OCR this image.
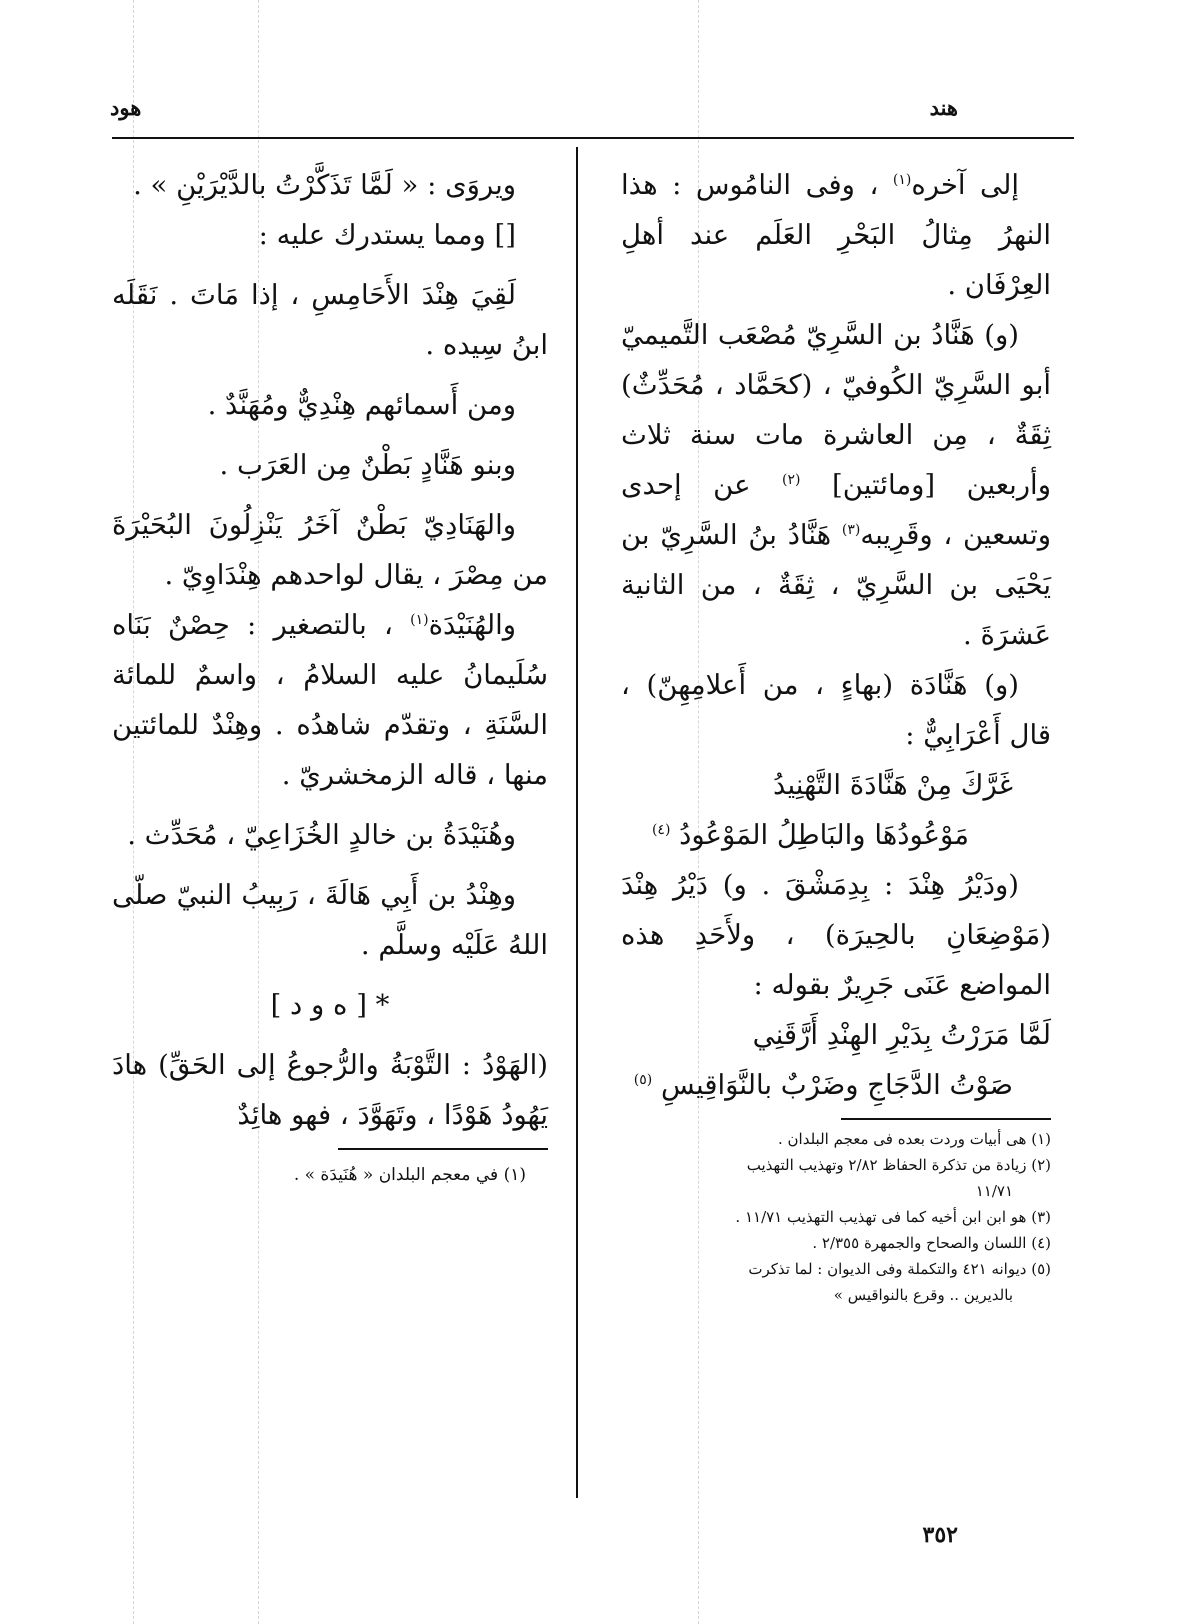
هند
هود

إلى آخره$^{(١)}$ ، وفى النامُوس : هذا النهرُ مِثالُ البَحْرِ العَلَم عند أهلِ العِرْفَان .

(و) هَنَّادُ بن السَّرِيّ مُصْعَب التَّميميّ أبو السَّرِيّ الكُوفيّ ، (كحَمَّاد ، مُحَدِّثٌ) ثِقَةٌ ، مِن العاشرة مات سنة ثلاث وأربعين [ومائتين] $^{(٢)}$ عن إحدى وتسعين ، وقَرِيبه$^{(٣)}$ هَنَّادُ بنُ السَّرِيّ بن يَحْيَى بن السَّرِيّ ، ثِقَةٌ ، من الثانية عَشرَةَ .

(و) هَنَّادَة (بهاءٍ ، من أَعلامِهِنّ) ، قال أَعْرَابِيٌّ :

غَرَّكَ مِنْ هَنَّادَةَ التَّهْنِيدُ

مَوْعُودُهَا والبَاطِلُ المَوْعُودُ $^{(٤)}$

(ودَيْرُ هِنْدَ : بِدِمَشْقَ . و) دَيْرُ هِنْدَ (مَوْضِعَانِ بالحِيرَة) ، ولأَحَدِ هذه المواضع عَنَى جَرِيرٌ بقوله :

لَمَّا مَرَرْتُ بِدَيْرِ الهِنْدِ أَرَّقَنِي

صَوْتُ الدَّجَاجِ وضَرْبٌ بالنَّوَاقِيسِ $^{(٥)}$

(١) هى أبيات وردت بعده فى معجم البلدان .

(٢) زيادة من تذكرة الحفاظ ٢/٨٢ وتهذيب التهذيب

١١/٧١

(٣) هو ابن ابن أخيه كما فى تهذيب التهذيب ١١/٧١ .

(٤) اللسان والصحاح والجمهرة ٢/٣٥٥ .

(٥) ديوانه ٤٢١ والتكملة وفى الديوان : لما تذكرت

بالديرين .. وقرع بالنواقيس »

ويروَى : « لَمَّا تَذَكَّرْتُ بالدَّيْرَيْنِ » .

[] ومما يستدرك عليه :

لَقِيَ هِنْدَ الأَحَامِسِ ، إذا مَاتَ . نَقَلَه ابنُ سِيده .

ومن أَسمائهم هِنْدِيٌّ ومُهَنَّدٌ .

وبنو هَنَّادٍ بَطْنٌ مِن العَرَب .

والهَنَادِيّ بَطْنٌ آخَرُ يَنْزِلُونَ البُحَيْرَةَ من مِصْرَ ، يقال لواحدهم هِنْدَاوِيّ .

والهُنَيْدَة$^{(١)}$ ، بالتصغير : حِصْنٌ بَنَاه سُلَيمانُ عليه السلامُ ، واسمٌ للمائة السَّنَةِ ، وتقدّم شاهدُه . وهِنْدٌ للمائتين منها ، قاله الزمخشريّ .

وهُنَيْدَةُ بن خالدٍ الخُزَاعِيّ ، مُحَدِّث .

وهِنْدُ بن أَبِي هَالَةَ ، رَبِيبُ النبيّ صلّى اللهُ عَلَيْه وسلَّم .

* [ ه و د ]

(الهَوْدُ : التَّوْبَةُ والرُّجوعُ إلى الحَقِّ) هادَ يَهُودُ هَوْدًا ، وتَهَوَّدَ ، فهو هائِدٌ

(١) في معجم البلدان « هُنَيدَة » .

٣٥٢
